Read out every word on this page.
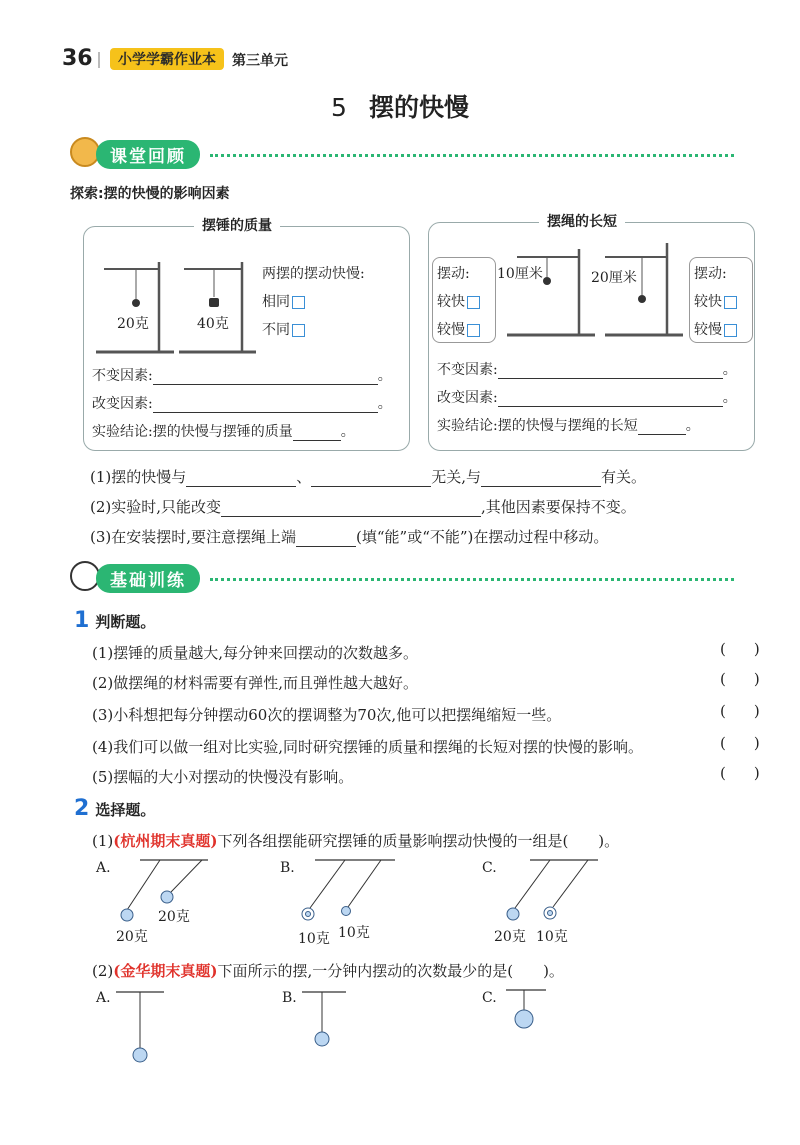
36	小学学霸作业本	第三单元
5 摆的快慢
课堂回顾
探索:摆的快慢的影响因素
摆锤的质量
20克	40克
两摆的摆动快慢:
相同
不同
不变因素:	。
改变因素:	。
实验结论:摆的快慢与摆锤的质量	。
摆绳的长短
摆动:
较快
较慢
摆动:
较快
较慢
10厘米	20厘米
不变因素:	。
改变因素:	。
实验结论:摆的快慢与摆绳的长短	。
(1)摆的快慢与	、	无关,与	有关。
(2)实验时,只能改变	,其他因素要保持不变。
(3)在安装摆时,要注意摆绳上端	(填“能”或“不能”)在摆动过程中移动。
基础训练
1 判断题。
(1)摆锤的质量越大,每分钟来回摆动的次数越多。	()
(2)做摆绳的材料需要有弹性,而且弹性越大越好。	()
(3)小科想把每分钟摆动60次的摆调整为70次,他可以把摆绳缩短一些。	()
(4)我们可以做一组对比实验,同时研究摆锤的质量和摆绳的长短对摆的快慢的影响。	()
(5)摆幅的大小对摆动的快慢没有影响。	()
2 选择题。
(1)(杭州期末真题)下列各组摆能研究摆锤的质量影响摆动快慢的一组是(　　)。
A.	B.	C.
20克
20克	10克 10克	20克 10克
(2)(金华期末真题)下面所示的摆,一分钟内摆动的次数最少的是(　　)。
A.	B.	C.
